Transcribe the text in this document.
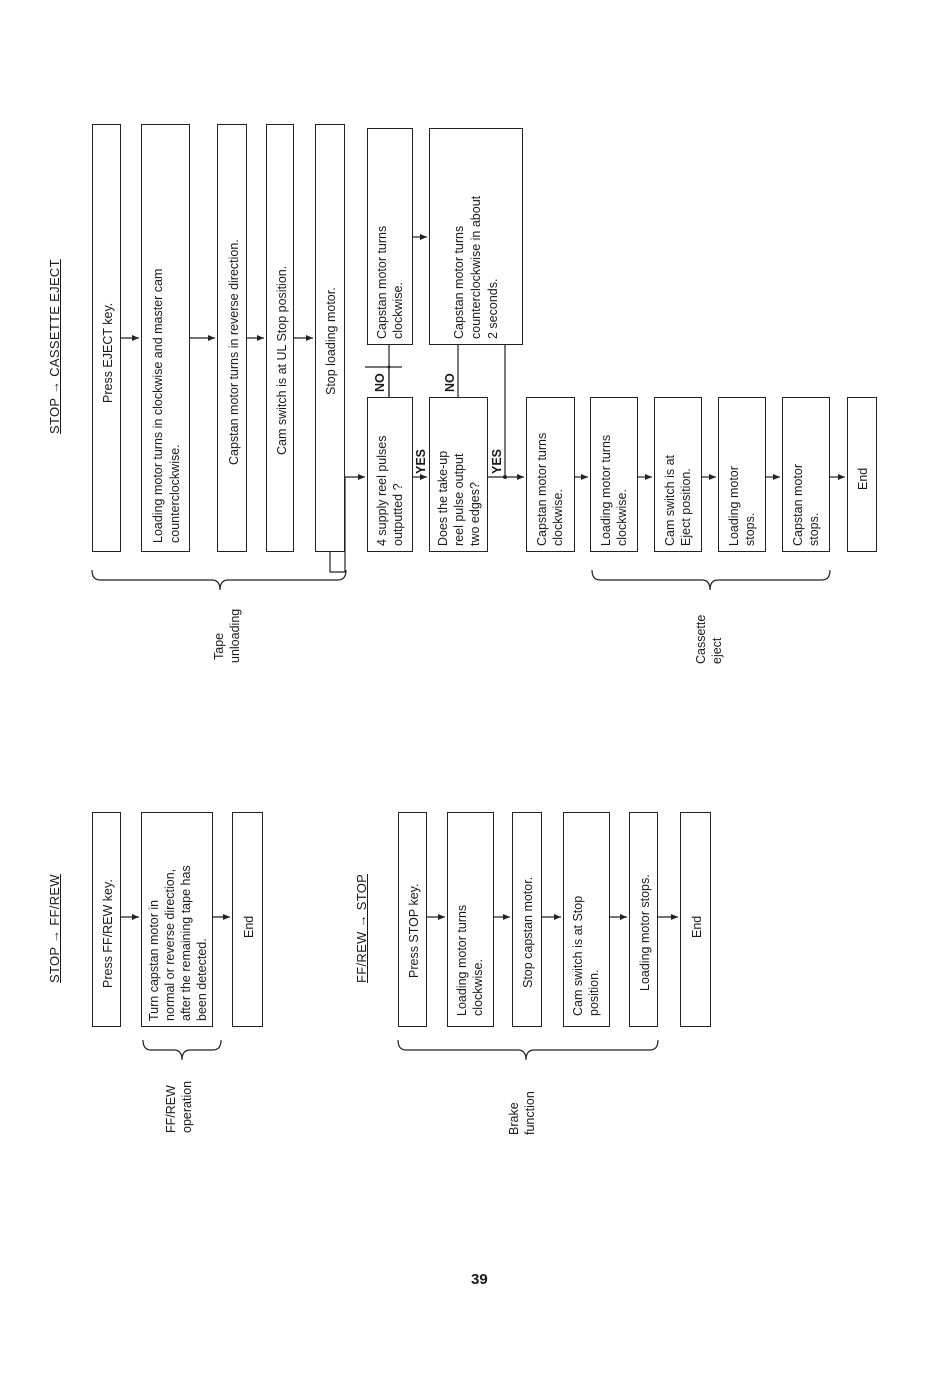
STOP → CASSETTE EJECT	Press EJECT key.	Loading motor turns in clockwise and master cam counterclockwise.
Capstan motor turns in reverse direction.	Cam switch is at UL Stop position.	Stop loading motor.
4 supply reel pulses outputted ?
Capstan motor turns clockwise.
Does the take-up reel pulse output two edges?
Capstan motor turns counterclockwise in about 2 seconds.
NO
YES
NO
YES Capstan motor turns clockwise.	Loading motor turns clockwise.	Cam switch is at Eject position.	Loading motor stops.	Capstan motor stops.
End
Tape unloading	Cassette eject
STOP → FF/REW	Press FF/REW key.	Turn capstan motor in normal or reverse direction, after the remaining tape has been detected.
End
FF/REW operation
FF/REW → STOP	Press STOP key.	Loading motor turns clockwise.	Stop capstan motor.	Cam switch is at Stop position.
Loading motor stops.	End
Brake function
39
